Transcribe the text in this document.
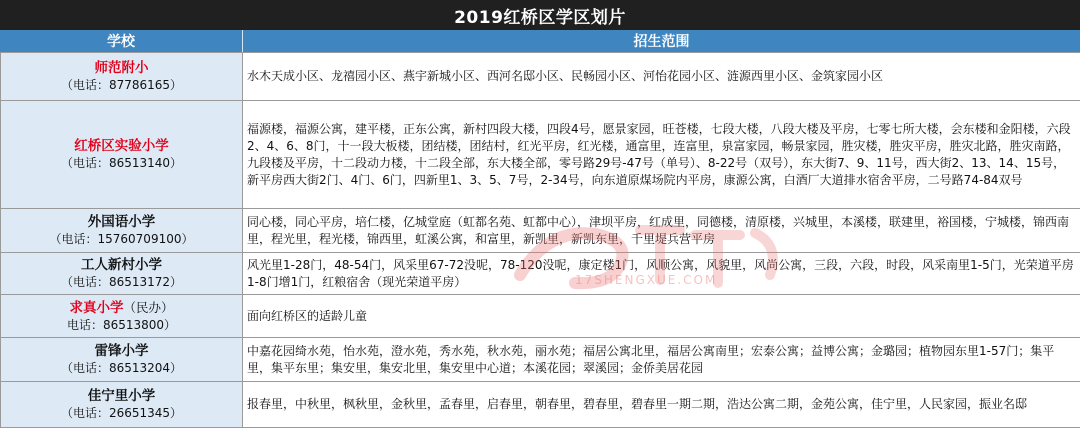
2019红桥区学区划片
学校	招生范围
师范附小
（电话：87786165）	水木天成小区、龙禧园小区、燕宇新城小区、西河名邸小区、民畅园小区、河怡花园小区、涟源西里小区、金筑家园小区

红桥区实验小学
（电话：86513140）	福源楼，福源公寓，建平楼，正东公寓，新村四段大楼，四段4号，愿景家园，旺苍楼，七段大楼，八段大楼及平房，七零七所大楼，会东楼和金阳楼，六段2、4、6、8门，十一段大板楼，团结楼，团结村，红光平房，红光楼，通富里，连富里，泉富家园，畅景家园，胜灾楼，胜灾平房，胜灾北路，胜灾南路，九段楼及平房，十二段动力楼，十二段全部，东大楼全部，零号路29号-47号（单号）、8-22号（双号），东大街7、9、11号，西大街2、13、14、15号，新平房西大街2门、4门、6门，四新里1、3、5、7号，2-34号，向东道原煤场院内平房，康源公寓，白酒厂大道排水宿舍平房，二号路74-84双号

外国语小学
（电话：15760709100）	同心楼，同心平房，培仁楼，亿城堂庭（虹都名苑、虹都中心），津坝平房，红成里，同德楼，清原楼，兴城里，本溪楼，联建里，裕国楼，宁城楼，锦西南里，程光里，程光楼，锦西里，虹溪公寓，和富里，新凯里，新凯东里，千里堤兵营平房

工人新村小学
（电话：86513172）	风光里1-28门，48-54门，风采里67-72没呢，78-120没呢，康定楼1门，风顺公寓，风貌里，风尚公寓，三段，六段，时段，风采南里1-5门，光荣道平房1-8门增1门，红粮宿舍（现光荣道平房）

求真小学（民办）
电话：86513800）	面向红桥区的适龄儿童

雷锋小学
（电话：86513204）	中嘉花园绮水苑，怡水苑，澄水苑，秀水苑，秋水苑，丽水苑；福居公寓北里，福居公寓南里；宏泰公寓；益博公寓；金璐园；植物园东里1-57门；集平里，集平东里；集安里，集安北里，集安里中心道；本溪花园；翠溪园；金侨美居花园

佳宁里小学
（电话：26651345）	报春里，中秋里，枫秋里，金秋里，孟春里，启春里，朝春里，碧春里，碧春里一期二期，浩达公寓二期，金苑公寓，佳宁里，人民家园，振业名邸
17SHENGXUE.COM
